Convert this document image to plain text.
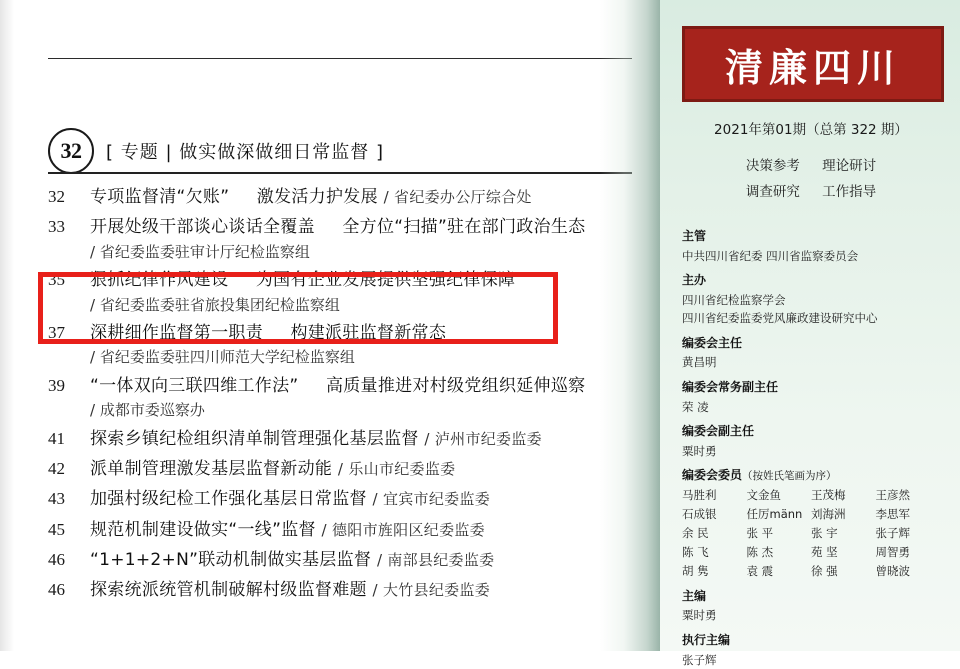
32	[ 专题 | 做实做深做细日常监督 ]
32	专项监督清“欠账” 激发活力护发展 / 省纪委办公厅综合处
33	开展处级干部谈心谈话全覆盖 全方位“扫描”驻在部门政治生态
/ 省纪委监委驻审计厅纪检监察组
35	狠抓纪律作风建设 为国有企业发展提供坚强纪律保障
/ 省纪委监委驻省旅投集团纪检监察组
37	深耕细作监督第一职责 构建派驻监督新常态
/ 省纪委监委驻四川师范大学纪检监察组
39	“一体双向三联四维工作法” 高质量推进对村级党组织延伸巡察
/ 成都市委巡察办
41	探索乡镇纪检组织清单制管理强化基层监督 / 泸州市纪委监委
42	派单制管理激发基层监督新动能 / 乐山市纪委监委
43	加强村级纪检工作强化基层日常监督 / 宜宾市纪委监委
45	规范机制建设做实“一线”监督 / 德阳市旌阳区纪委监委
46	“1+1+2+N”联动机制做实基层监督 / 南部县纪委监委
46	探索统派统管机制破解村级监督难题 / 大竹县纪委监委
清廉四川
2021年第01期（总第 322 期）
决策参考 理论研讨
调查研究 工作指导
主管
中共四川省纪委 四川省监察委员会
主办
四川省纪检监察学会
四川省纪委监委党风廉政建设研究中心
编委会主任
黄昌明
编委会常务副主任
荣 凌
编委会副主任
粟时勇
编委会委员（按姓氏笔画为序）
马胜利	文金鱼	王茂梅	王彦然
石成银	任厉männ 刘海洲	李思军
余 民	张 平	张 宇	张子辉
陈 飞	陈 杰	苑 坚	周智勇
胡 隽	袁 震	徐 强	曾晓波
主编
粟时勇
执行主编
张子辉
